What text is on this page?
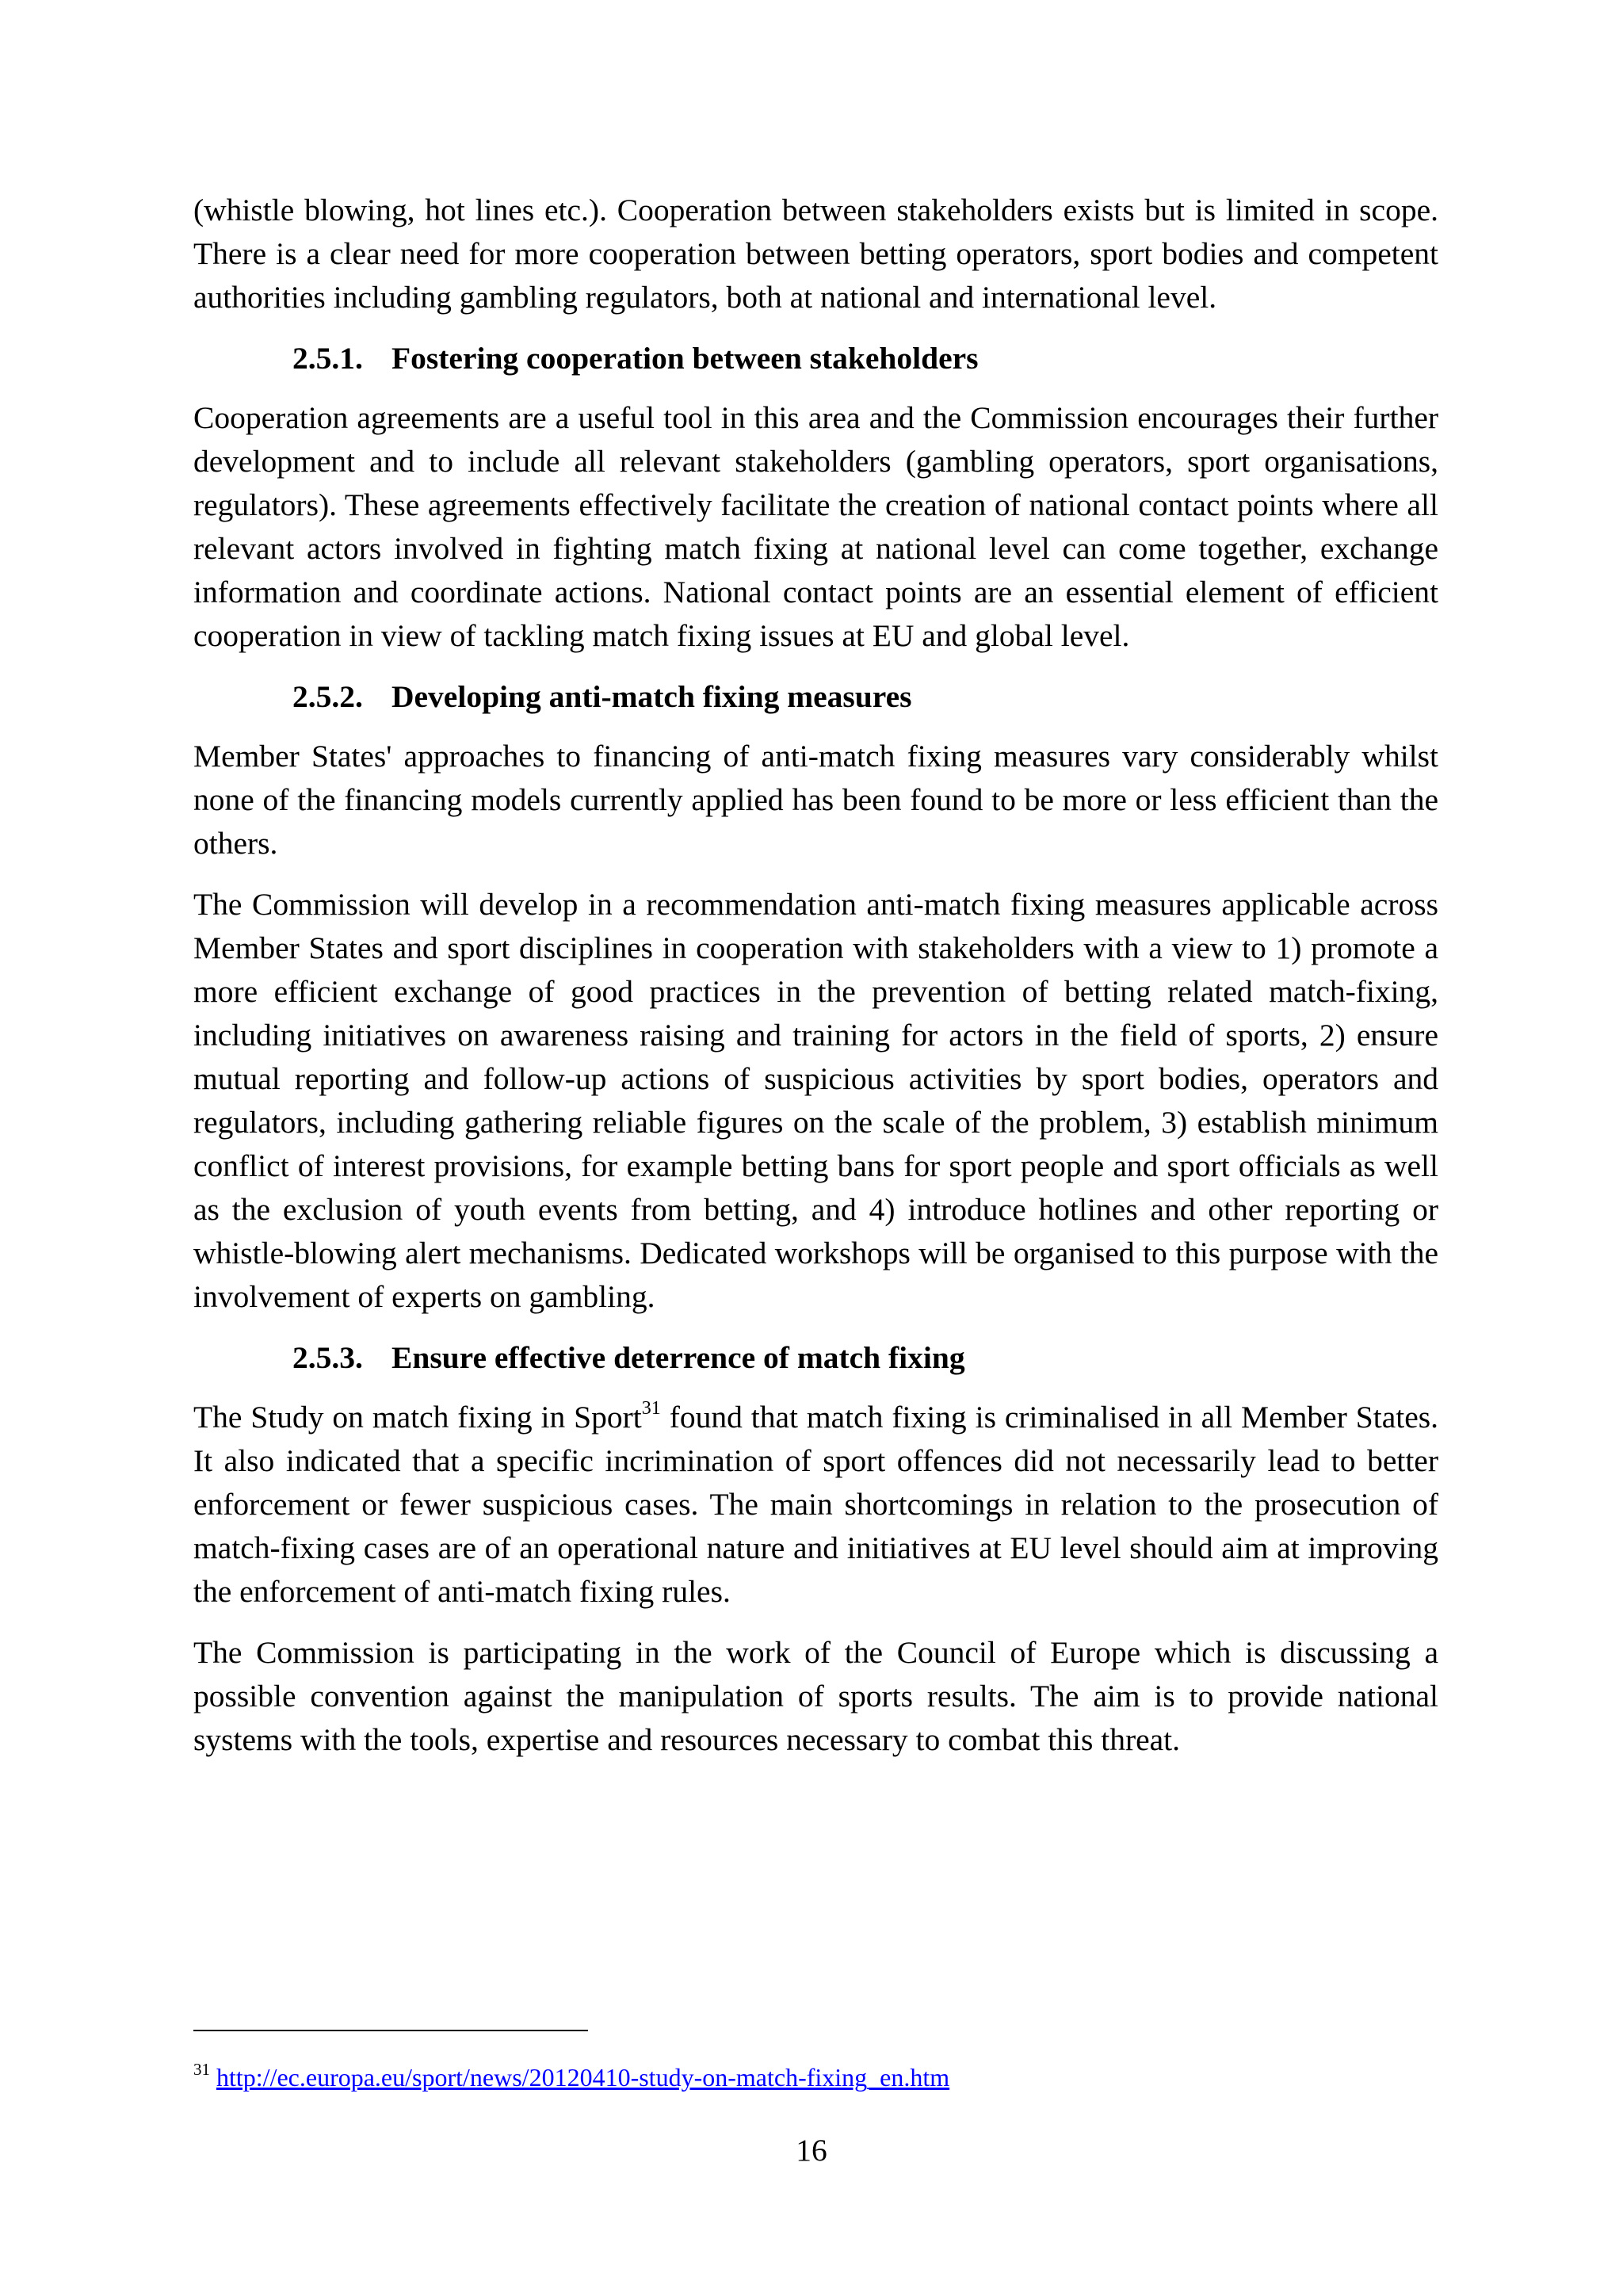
(whistle blowing, hot lines etc.). Cooperation between stakeholders exists but is limited in scope. There is a clear need for more cooperation between betting operators, sport bodies and competent authorities including gambling regulators, both at national and international level.

2.5.1. Fostering cooperation between stakeholders

Cooperation agreements are a useful tool in this area and the Commission encourages their further development and to include all relevant stakeholders (gambling operators, sport organisations, regulators). These agreements effectively facilitate the creation of national contact points where all relevant actors involved in fighting match fixing at national level can come together, exchange information and coordinate actions. National contact points are an essential element of efficient cooperation in view of tackling match fixing issues at EU and global level.

2.5.2. Developing anti-match fixing measures

Member States' approaches to financing of anti-match fixing measures vary considerably whilst none of the financing models currently applied has been found to be more or less efficient than the others.

The Commission will develop in a recommendation anti-match fixing measures applicable across Member States and sport disciplines in cooperation with stakeholders with a view to 1) promote a more efficient exchange of good practices in the prevention of betting related match-fixing, including initiatives on awareness raising and training for actors in the field of sports, 2) ensure mutual reporting and follow-up actions of suspicious activities by sport bodies, operators and regulators, including gathering reliable figures on the scale of the problem, 3) establish minimum conflict of interest provisions, for example betting bans for sport people and sport officials as well as the exclusion of youth events from betting, and 4) introduce hotlines and other reporting or whistle-blowing alert mechanisms. Dedicated workshops will be organised to this purpose with the involvement of experts on gambling.

2.5.3. Ensure effective deterrence of match fixing

The Study on match fixing in Sport$^{31}$ found that match fixing is criminalised in all Member States. It also indicated that a specific incrimination of sport offences did not necessarily lead to better enforcement or fewer suspicious cases. The main shortcomings in relation to the prosecution of match-fixing cases are of an operational nature and initiatives at EU level should aim at improving the enforcement of anti-match fixing rules.

The Commission is participating in the work of the Council of Europe which is discussing a possible convention against the manipulation of sports results. The aim is to provide national systems with the tools, expertise and resources necessary to combat this threat.

$^{31}$ http://ec.europa.eu/sport/news/20120410-study-on-match-fixing_en.htm
16
